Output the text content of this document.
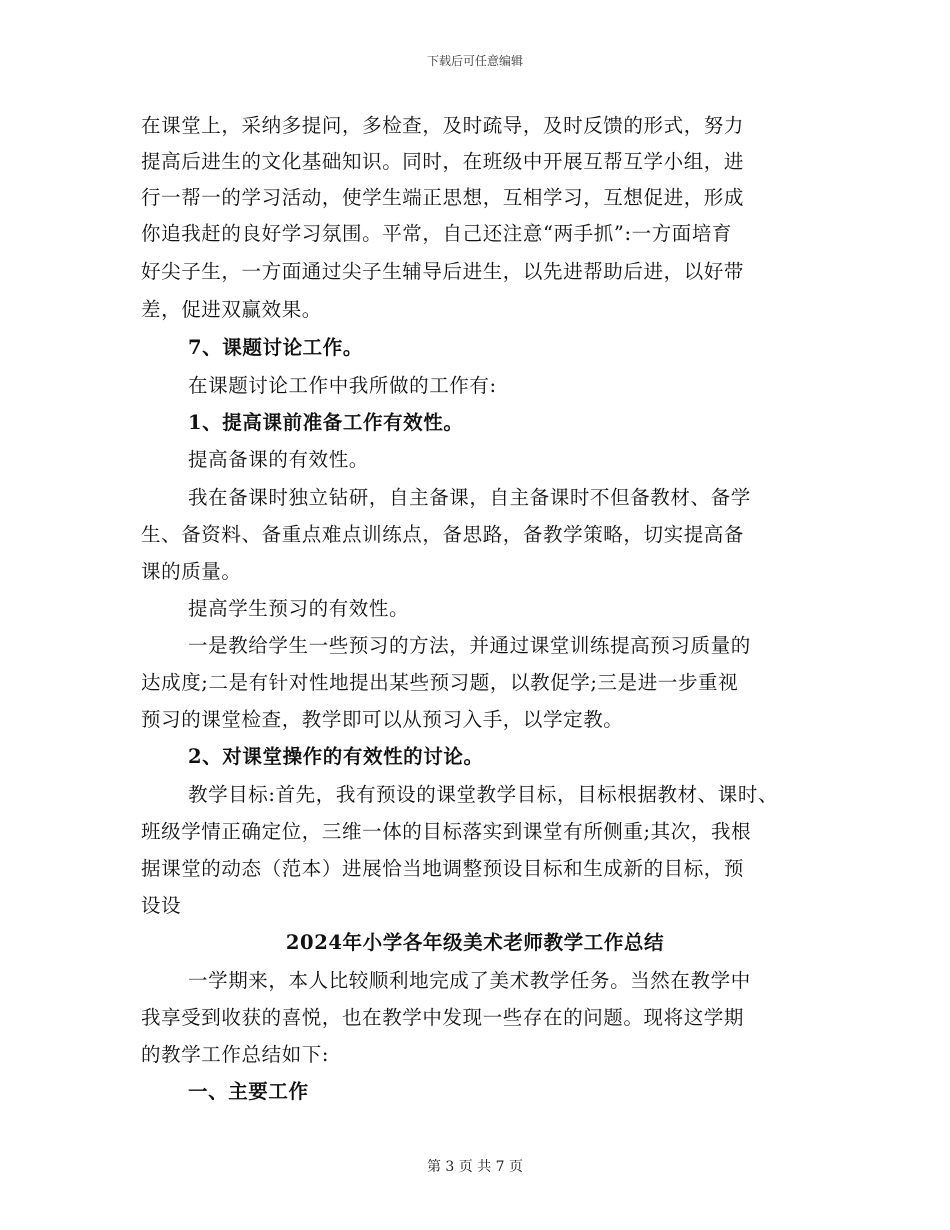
下载后可任意编辑
在课堂上，采纳多提问，多检查，及时疏导，及时反馈的形式，努力
提高后进生的文化基础知识。同时，在班级中开展互帮互学小组，进
行一帮一的学习活动，使学生端正思想，互相学习，互想促进，形成
你追我赶的良好学习氛围。平常，自己还注意“两手抓”:一方面培育
好尖子生，一方面通过尖子生辅导后进生，以先进帮助后进，以好带
差，促进双赢效果。
7、课题讨论工作。
在课题讨论工作中我所做的工作有:
1、提高课前准备工作有效性。
提高备课的有效性。
我在备课时独立钻研，自主备课，自主备课时不但备教材、备学
生、备资料、备重点难点训练点，备思路，备教学策略，切实提高备
课的质量。
提高学生预习的有效性。
一是教给学生一些预习的方法，并通过课堂训练提高预习质量的
达成度;二是有针对性地提出某些预习题，以教促学;三是进一步重视
预习的课堂检查，教学即可以从预习入手，以学定教。
2、对课堂操作的有效性的讨论。
教学目标:首先，我有预设的课堂教学目标，目标根据教材、课时、
班级学情正确定位，三维一体的目标落实到课堂有所侧重;其次，我根
据课堂的动态（范本）进展恰当地调整预设目标和生成新的目标，预
设设
2024年小学各年级美术老师教学工作总结
一学期来，本人比较顺利地完成了美术教学任务。当然在教学中
我享受到收获的喜悦，也在教学中发现一些存在的问题。现将这学期
的教学工作总结如下:
一、主要工作
第 3 页 共 7 页
